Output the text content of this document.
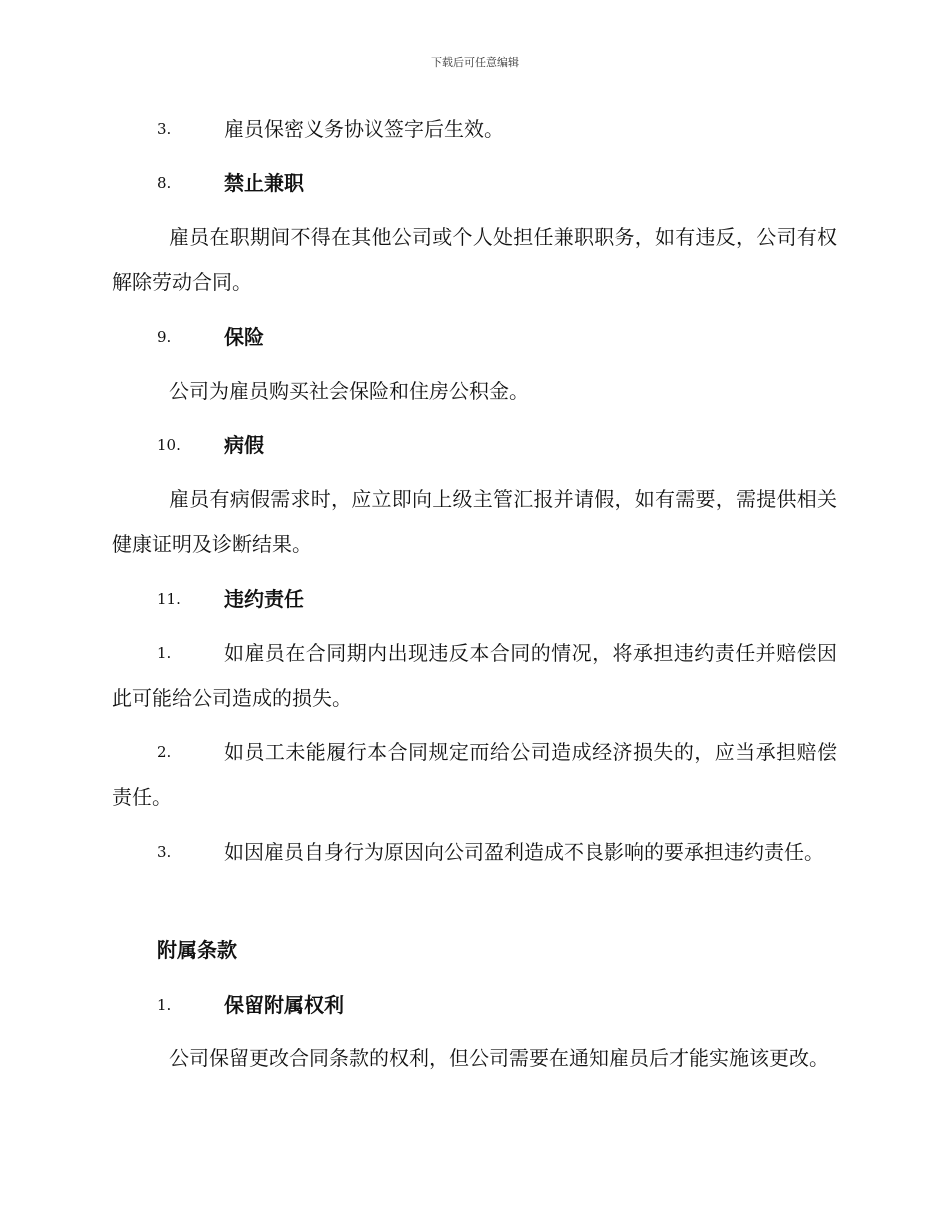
下载后可任意编辑
3.	雇员保密义务协议签字后生效。
8.	禁止兼职
雇员在职期间不得在其他公司或个人处担任兼职职务，如有违反，公司有权解除劳动合同。
9.	保险
公司为雇员购买社会保险和住房公积金。
10. 病假
雇员有病假需求时，应立即向上级主管汇报并请假，如有需要，需提供相关健康证明及诊断结果。
11. 违约责任
1.	如雇员在合同期内出现违反本合同的情况，将承担违约责任并赔偿因此可能给公司造成的损失。
2.	如员工未能履行本合同规定而给公司造成经济损失的，应当承担赔偿责任。
3.	如因雇员自身行为原因向公司盈利造成不良影响的要承担违约责任。
附属条款
1.	保留附属权利
公司保留更改合同条款的权利，但公司需要在通知雇员后才能实施该更改。
